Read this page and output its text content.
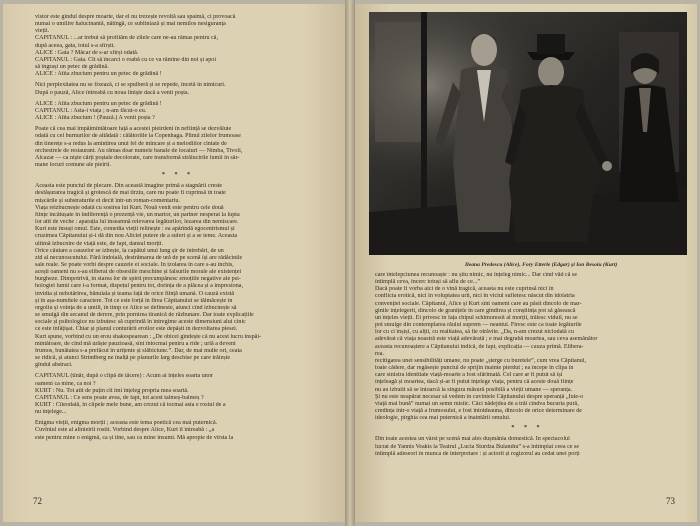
vistor este gîndul despre moarte, dar el nu trezește revoltă sau spaimă, ci provoacă
numai o umilire halucinantă, nătîngă, ce subliniază și mai nemilos nesiguranța
vieții.
CĂPITANUL : ...ar trebui să profităm de zilele care ne-au rămas pentru că,
după aceea, gata, totul s-a sfîrșit.
ALICE : Gata ? Măcar de s-ar sfîrși odată.
CĂPITANUL : Gata. Cît să încarci o roabă cu ce va rămîne din noi și apoi
să îngrași un petec de grădină.
ALICE : Atîta zbucium pentru un petec de grădină !
Nici perplexitatea nu se fixează, ci se spulberă și se repede, încetă în nimicuri.
După o pauză, Alice întreabă cu noua liniște dacă a venit poșta.
ALICE : Atîta zbucium pentru un petec de grădină !
CĂPITANUL : Asta-i viața ; n-am făcut-o eu.
ALICE : Atîta zbucium ! (Pauză.) A venit poșta ?
Poate că cea mai împăimîntătoare față a acestei pieirdeni în neființă se dezvăluie
odată cu cel burnurilor de altădată : călătoriile la Copenhaga. Plinul zilelor frumoase
din tinerețe s-a redus la amintirea unui fel de mîncare și a melodiilor cîntate de
orchestrele de restaurant. Au rămas doar numele banale de localuri — Nimba, Tivoli,
Alcazar — ca niște cărți poștale decolorate, care transformă strălucirile lumii în săr-
mane locuri comune ale pieirii.
* * *
Aceasta este punctul de plecare. Din această imagine primă a stagnării creste
desfășurarea tragică și grotescă de mai tîrziu, care nu poate fi cuprinsă în toate
mișcările și substraturile ei decît într-un roman-comentariu.
Viața reizbucnește odată cu sosirea lui Kurt. Nouă venit este pentru cele două
ființe încătușate în indiferență o prezență vie, un martor, un partner nesperat la lupta
lor atît de veche : aparația lui înseamnă relevarea legăturilor, lezarea din nemiscare.
Kurt este însuși omul. Este, comedia vieții relinește : ea apărîndă egocentrismul și
cruzimea Căpitanului și-i dă din nou Aliciei putere de a suferi și a se teme. Aceasta
ultimă izbucnire de viață este, de fapt, dansul morții.
Orice căutare a cauzelor se izbește, la capătul unui lung șir de întrebări, de un
zid al necunoscutului. Fără îndoială, destrămarea de ură de pe scenă își are rădăcinile
sale reale. Se poate vorbi despre cauzele ei sociale. În izolarea în care s-au închis,
acești oameni nu s-au eliberat de obsesiile meschine și falsurile morale ale existenței
burgheze. Dimpotrivă, în starea lor de spirit precumpănesc emoțiile negative ale psi-
hologiei lumii care i-a format, dispețul pentru tot, dorința de a plăcea și a impresiona,
invidia și nehotărîrea, bănuiala și teama față de orice ființă umană. O cauză există
și în așa-numitele caractere. Tot ce este forță în firea Căpitanului se tălmăcește în
orgoliu și voința de a umili, în timp ce Alice se defineste, atunci cînd izbucnește să
se smulgă din secanul de derere, prin pornirea tiranică de răzbunare. Dar toate explicațiile
sociale și psihologice nu izbutesc să cuprindă în întregime aceste dimensiuni alui cinic
ce este înfățișat. Chiar și planul conturării eroilor este depășit în dezvoltarea piesei.
Kurt spune, vorbind cu un erou shakespearean : „De obicei gîndește că nu acest lucru înspăi-
mîntătoare, de cînd mă urăște pauzioasă, sînt întocmai pentru a rîde ; urlă a deveni
frumos, bunătatea s-a prefăcut în urîțenie și slăbiciune.”. Dar, de mai multe ori, ceata
se ridică, și atunci Strindberg ne înalță pe planurile larg deschise pe care trăiește
gîndul abstract.
CĂPITANUL (tînăr, după o clipă de tăcere) : Acum ai înțeles soarta unor
oameni ca mine, ca noi ?
KURT : Nu. Tot atît de puțin cît îmi înțeleg propria mea soartă.
CĂPITANUL : Ce sens poate avea, de fapt, tot acest talmeș-balmeș ?
KURT : Cîteodată, în clipele mele bune, am crezut că tocmai asta e rostul de a
nu înțelege...
Enigma vieții, enigma morții ; aceasta este tema poetică cea mai puternică.
Cuvîntul este al alinieirii rostit. Vorbind despre Alice, Kurt îl întreabă : „a
este pentru mine o enigmă, ca și tine, sau ca mine însumi. Mă apropie de vîrsta la
72
Ileana Predescu (Alice), Fory Etterle (Edgar) și Ion Besoiu (Kurt)
care întelepciunea recunoaște : nu știu nimic, nu înțeleg nimic... Dar cînd văd că se
întîmplă ceva, încerc totuși să aflu de ce...”
Dacă poate fi vorba aici de o vină tragică, aceasta nu este cuprinsă nici în
conflicta erotică, nici în voluptatea urii, nici în viciul sufletesc născut din idolatria
convenției sociale. Căpitanul, Alice și Kurt sînt oameni care au păsit dincolo de mar-
ginile înțelegerii, dincolo de granițele în care gîndirea și conștiința pot să găsească
un înțeles vieții. Ei privesc în fața chipul schimonosit al morții, trăiesc viduil, nu se
pot smulge din contemplarea răului suprem — neantul. Firesc este ca toate legăturile
lor cu ci înșiși, cu alții, cu realitatea, să fie otrăvite. „Da, n-am crezut niciodată cu
adevărat că viața noastră este viață adevărată ; e mai degrabă moartea, sau ceva asemănător
aceasta recunoaștere a Căpitanului indică, de fapt, explicația — cauza primă. Elibera-
rea.
recitigarea unei sensibilități umane, nu poate „șterge cu buretele”, cum vrea Căpitanul,
toate cădere, dar regăsește punctul de sprijin înainte pierdut ; ea începe în clipa în
care sinistra identitate viață-moarte a fost sfărîmată. Cel care ar fi putut să își
înțeleagă și moartea, dacă și-ar fi putut înțelege viața, pentru că aceste două ființe
nu au izbutit să se întoarcă la singura măsură posibilă a vieții umane — speranța.
Și nu este neapărat necesar să vedem în cuvintele Căpitanului despre speranță „Iute-o
viață mai bună” numai un semn mistic. Căci nădejdea de a trăi cîndva bucuria pură,
credința într-o viață a frumosului, e fost întotdeauna, dincolo de orice determinare de
ideologie, pîrghia cea mai puternică a înaintării omului.
* * *
Din toate acestea un vârst pe scenă mai ales dușmănia domestică. În spectacolul
lucrat de Yannis Veakis la Teatrul „Lucia Sturdza Bulandra” s-a întîmplat ceea ce se
întîmplă adeseori în munca de interpretare : și actorii și regizorul au cedat unei porți
73
